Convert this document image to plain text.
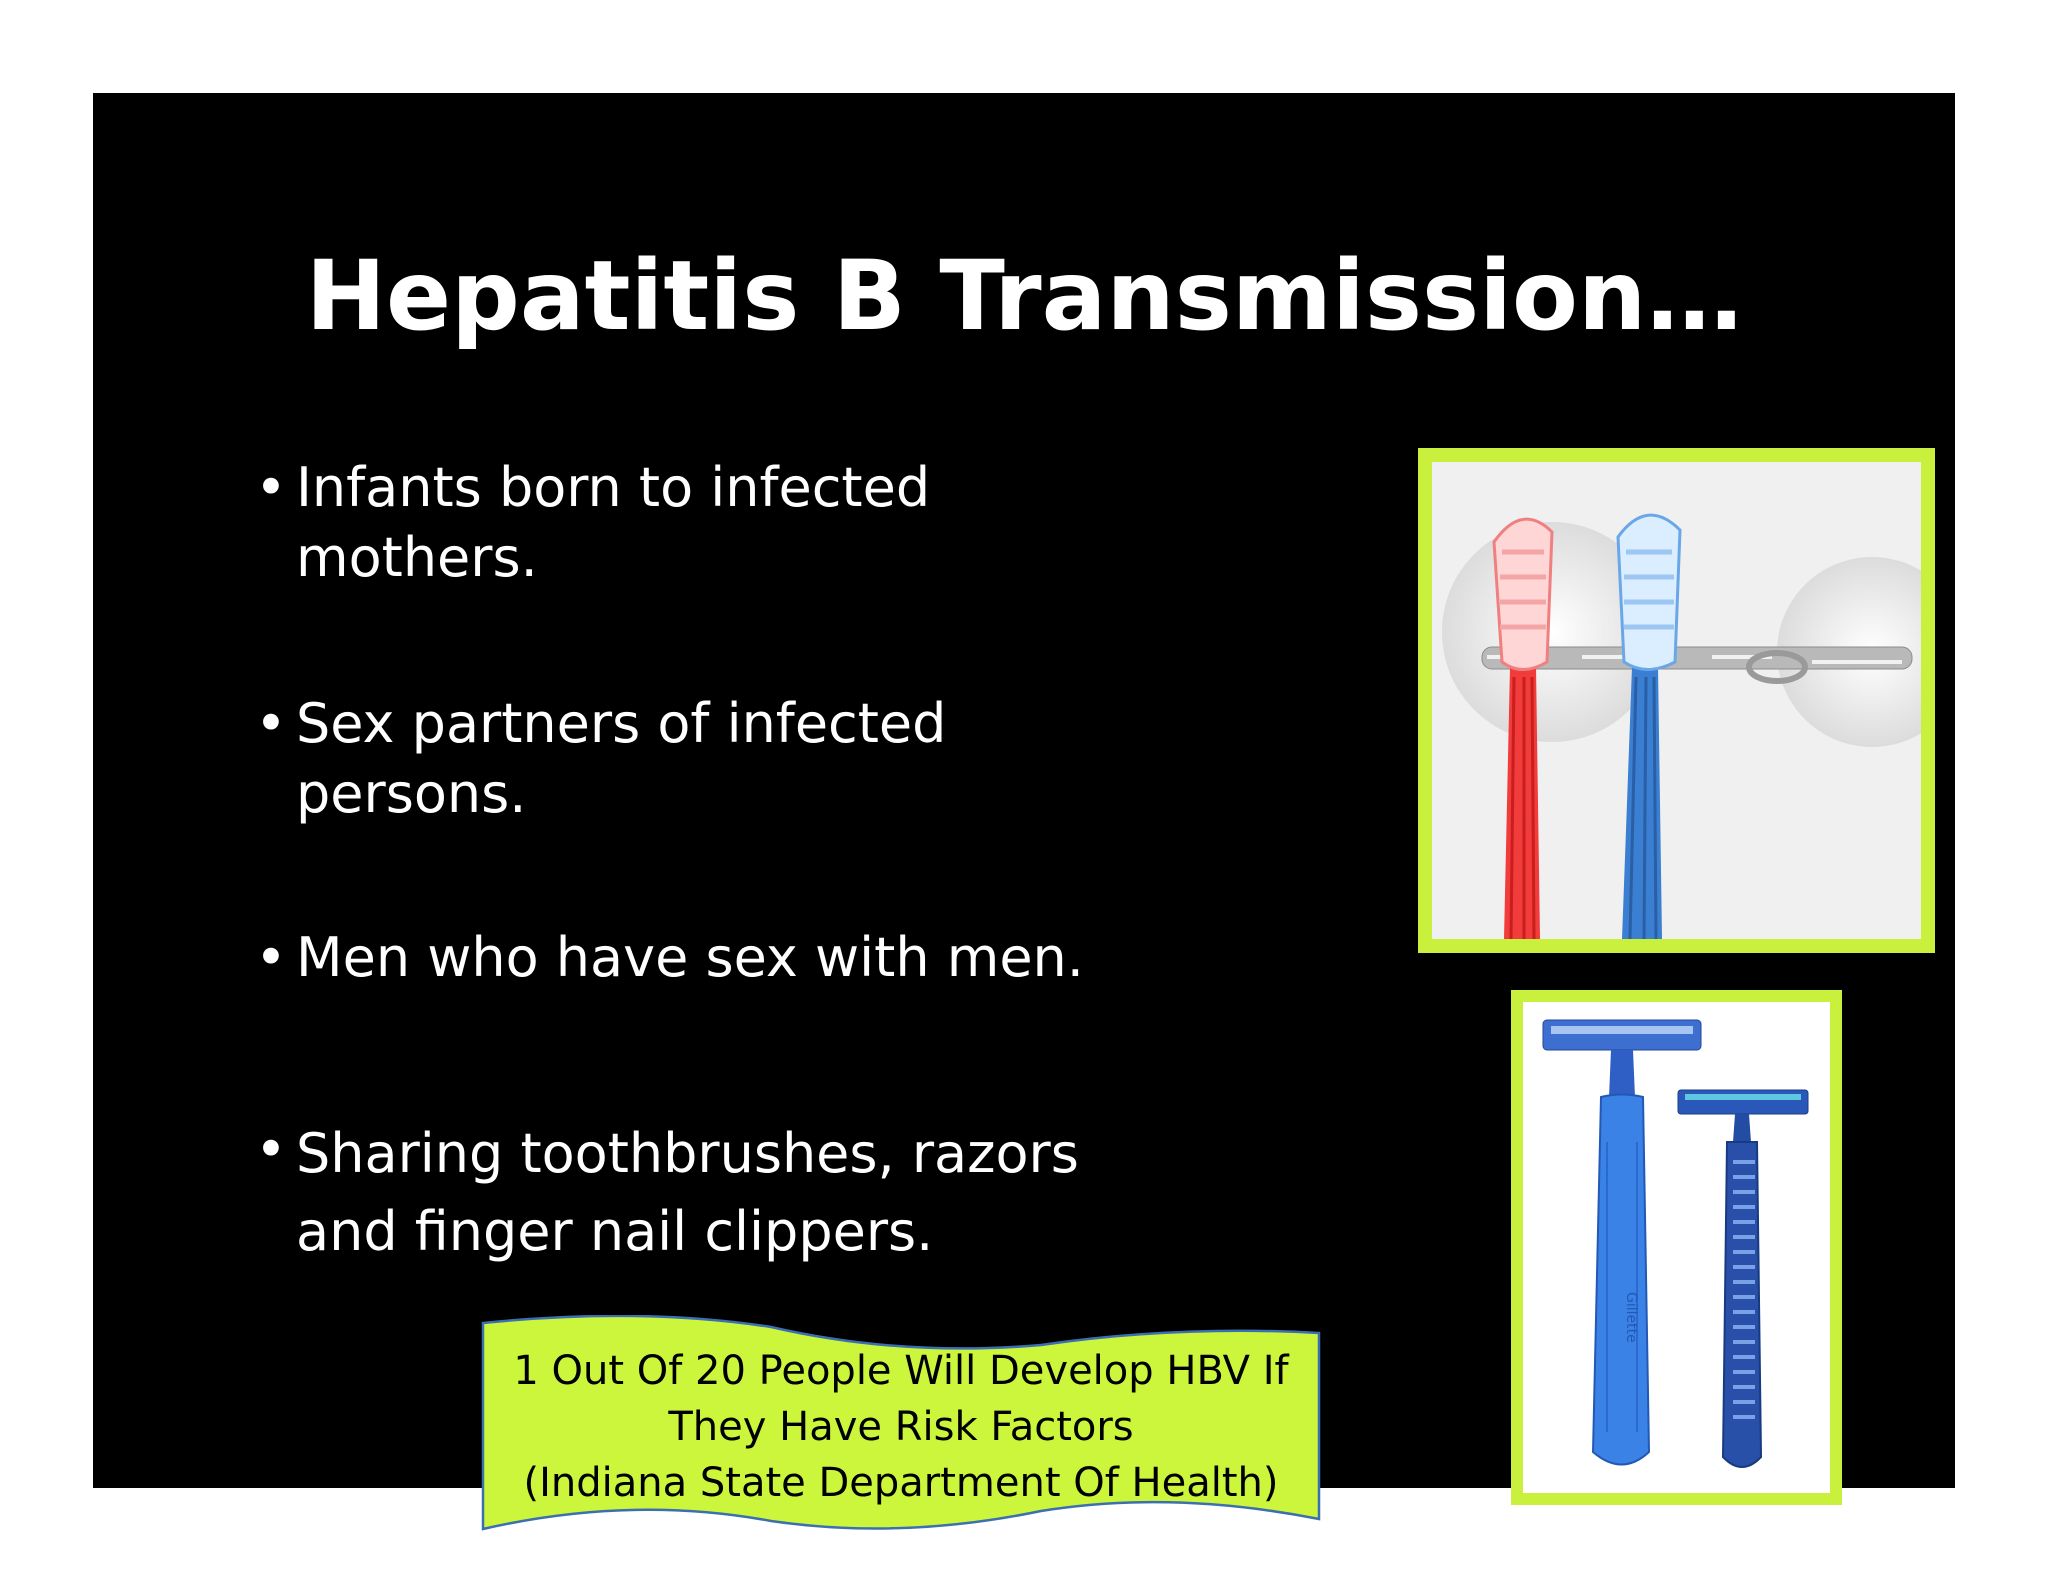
Hepatitis B Transmission…
• Infants born to infected
mothers.
• Sex partners of infected
persons.
• Men who have sex with men.
• Sharing toothbrushes, razors
and finger nail clippers.
Gillette
1 Out Of 20 People Will Develop HBV If
They Have Risk Factors
(Indiana State Department Of Health)
